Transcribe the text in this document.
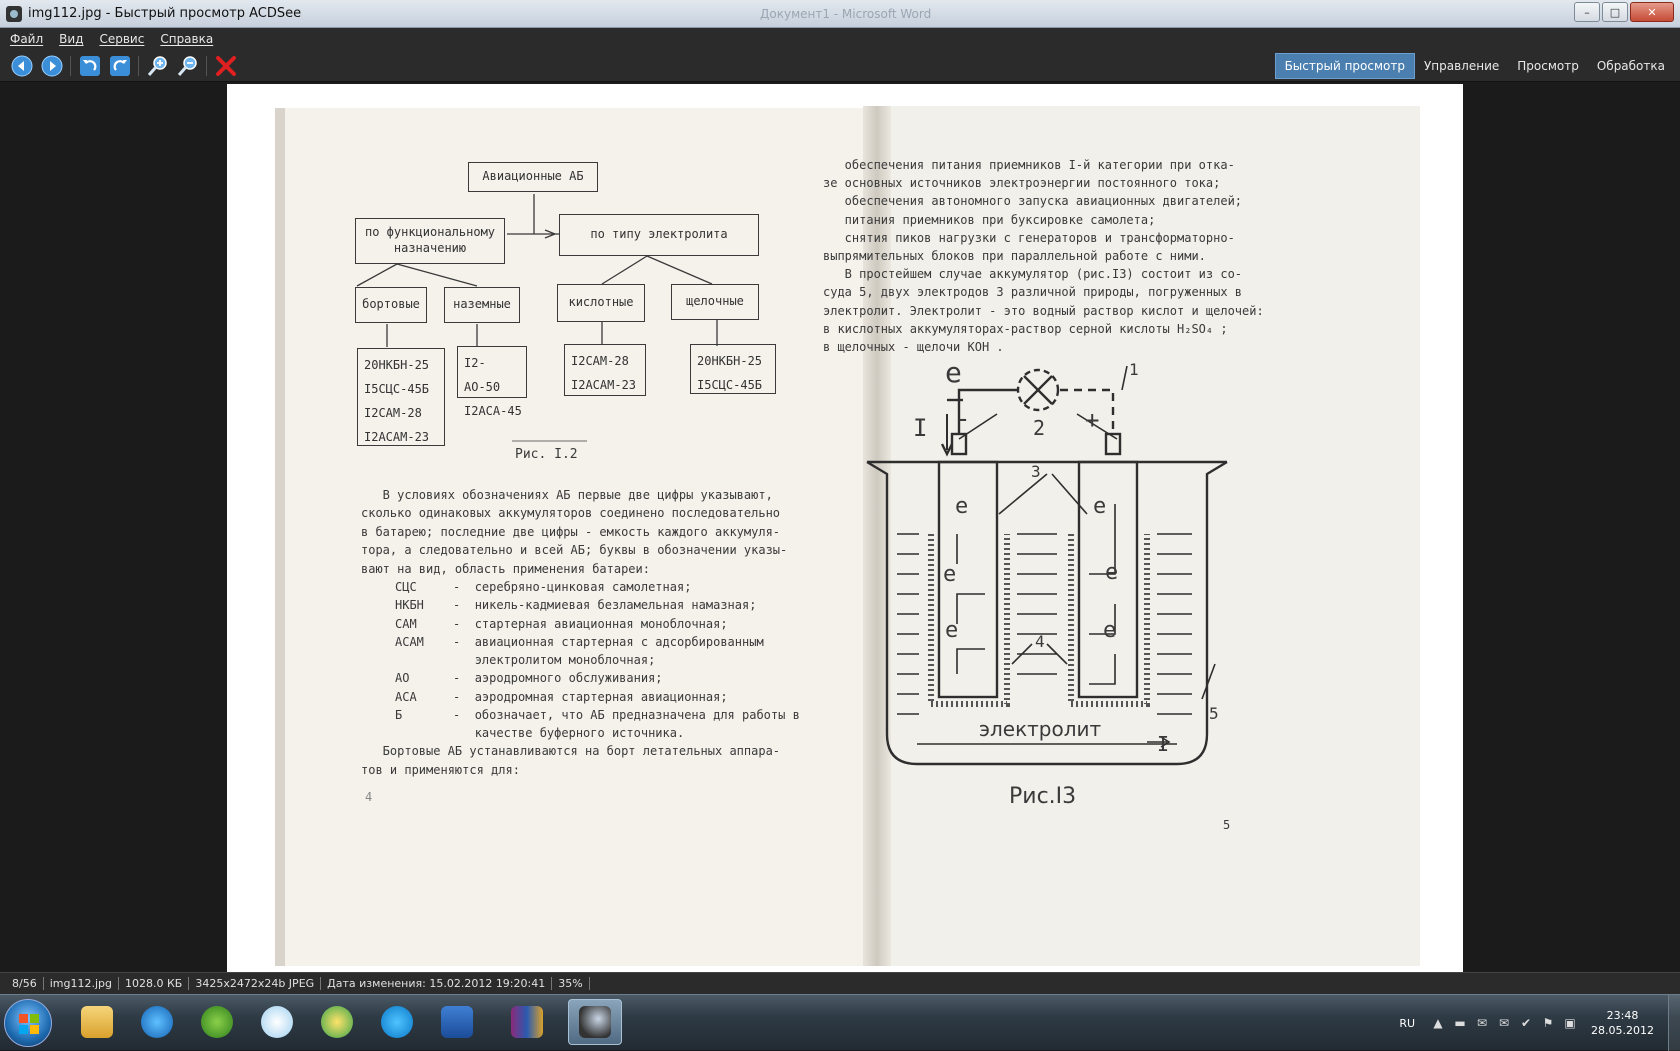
img112.jpg - Быстрый просмотр ACDSee	Документ1 - Microsoft Word	–	□	✕
Файл Вид Сервис Справка
Быстрый просмотр	Управление	Просмотр	Обработка
Авиационные АБ
по функциональному назначению
по типу электролита
бортовые	наземные	кислотные	щелочные
20НКБН-25
I5СЦС-45Б
I2САМ-28
I2АСАМ-23
I2-АО-50
I2АСА-45
I2САМ-28
I2АСАМ-23
20НКБН-25
I5СЦС-45Б
Рис. I.2
В условиях обозначениях АБ первые две цифры указывают,
сколько одинаковых аккумуляторов соединено последовательно
в батарею; последние две цифры - емкость каждого аккумуля-
тора, а следовательно и всей АБ; буквы в обозначении указы-
вают на вид, область применения батареи:
СЦС	- серебряно-цинковая самолетная;
НКБН	- никель-кадмиевая безламельная намазная;
САМ	- стартерная авиационная моноблочная;
АСАМ	- авиационная стартерная с адсорбированным

электролитом моноблочная;
АО	- аэродромного обслуживания;
АСА	- аэродромная стартерная авиационная;
Б	- обозначает, что АБ предназначена для работы в

качестве буферного источника.
Бортовые АБ устанавливаются на борт летательных аппара-
тов и применяются для:
4
обеспечения питания приемников I-й категории при отка-
зе основных источников электроэнергии постоянного тока;
обеспечения автономного запуска авиационных двигателей;
питания приемников при буксировке самолета;
снятия пиков нагрузки с генераторов и трансформаторно-
выпрямительных блоков при параллельной работе с ними.
В простейшем случае аккумулятор (рис.I3) состоит из со-
суда 5, двух электродов 3 различной природы, погруженных в
электролит. Электролит - это водный раствор кислот и щелочей:
в кислотных аккумуляторах-раствор серной кислоты H₂SO₄ ;
в щелочных - щелочи КОН .
e
I -	+
1
2
3
4
5
e	e
e	e
e	e
электролит
I
Рис.I3
5
8/56	img112.jpg	1028.0 КБ	3425x2472x24b JPEG	Дата изменения: 15.02.2012 19:20:41	35%
RU ▲ ▬ ✉ ✉ ✔ ⚑ ▣
23:48
28.05.2012
